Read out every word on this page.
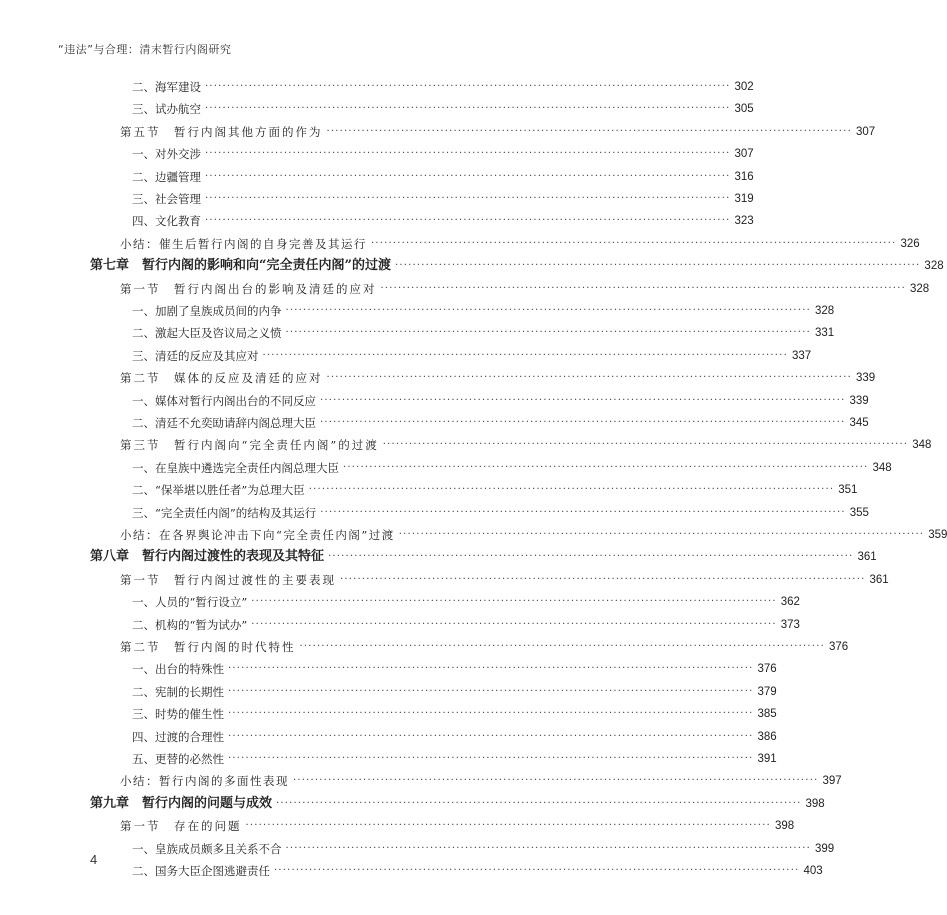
“违法”与合理：清末暂行内阁研究
二、海军建设 ························································································································ 302
三、试办航空 ························································································································ 305
第五节　暂行内阁其他方面的作为 ························································································································ 307
一、对外交涉 ························································································································ 307
二、边疆管理 ························································································································ 316
三、社会管理 ························································································································ 319
四、文化教育 ························································································································ 323
小结：催生后暂行内阁的自身完善及其运行 ························································································································ 326
第七章　暂行内阁的影响和向“完全责任内阁”的过渡 ························································································································ 328
第一节　暂行内阁出台的影响及清廷的应对 ························································································································ 328
一、加剧了皇族成员间的内争 ························································································································ 328
二、激起大臣及咨议局之义愤 ························································································································ 331
三、清廷的反应及其应对 ························································································································ 337
第二节　媒体的反应及清廷的应对 ························································································································ 339
一、媒体对暂行内阁出台的不同反应 ························································································································ 339
二、清廷不允奕劻请辞内阁总理大臣 ························································································································ 345
第三节　暂行内阁向“完全责任内阁”的过渡 ························································································································ 348
一、在皇族中遴选完全责任内阁总理大臣 ························································································································ 348
二、“保举堪以胜任者”为总理大臣 ························································································································ 351
三、“完全责任内阁”的结构及其运行 ························································································································ 355
小结：在各界舆论冲击下向“完全责任内阁”过渡 ························································································································ 359
第八章　暂行内阁过渡性的表现及其特征 ························································································································ 361
第一节　暂行内阁过渡性的主要表现 ························································································································ 361
一、人员的“暂行设立” ························································································································ 362
二、机构的“暂为试办” ························································································································ 373
第二节　暂行内阁的时代特性 ························································································································ 376
一、出台的特殊性 ························································································································ 376
二、宪制的长期性 ························································································································ 379
三、时势的催生性 ························································································································ 385
四、过渡的合理性 ························································································································ 386
五、更替的必然性 ························································································································ 391
小结：暂行内阁的多面性表现 ························································································································ 397
第九章　暂行内阁的问题与成效 ························································································································ 398
第一节　存在的问题 ························································································································ 398
一、皇族成员颇多且关系不合 ························································································································ 399
二、国务大臣企图逃避责任 ························································································································ 403
4
